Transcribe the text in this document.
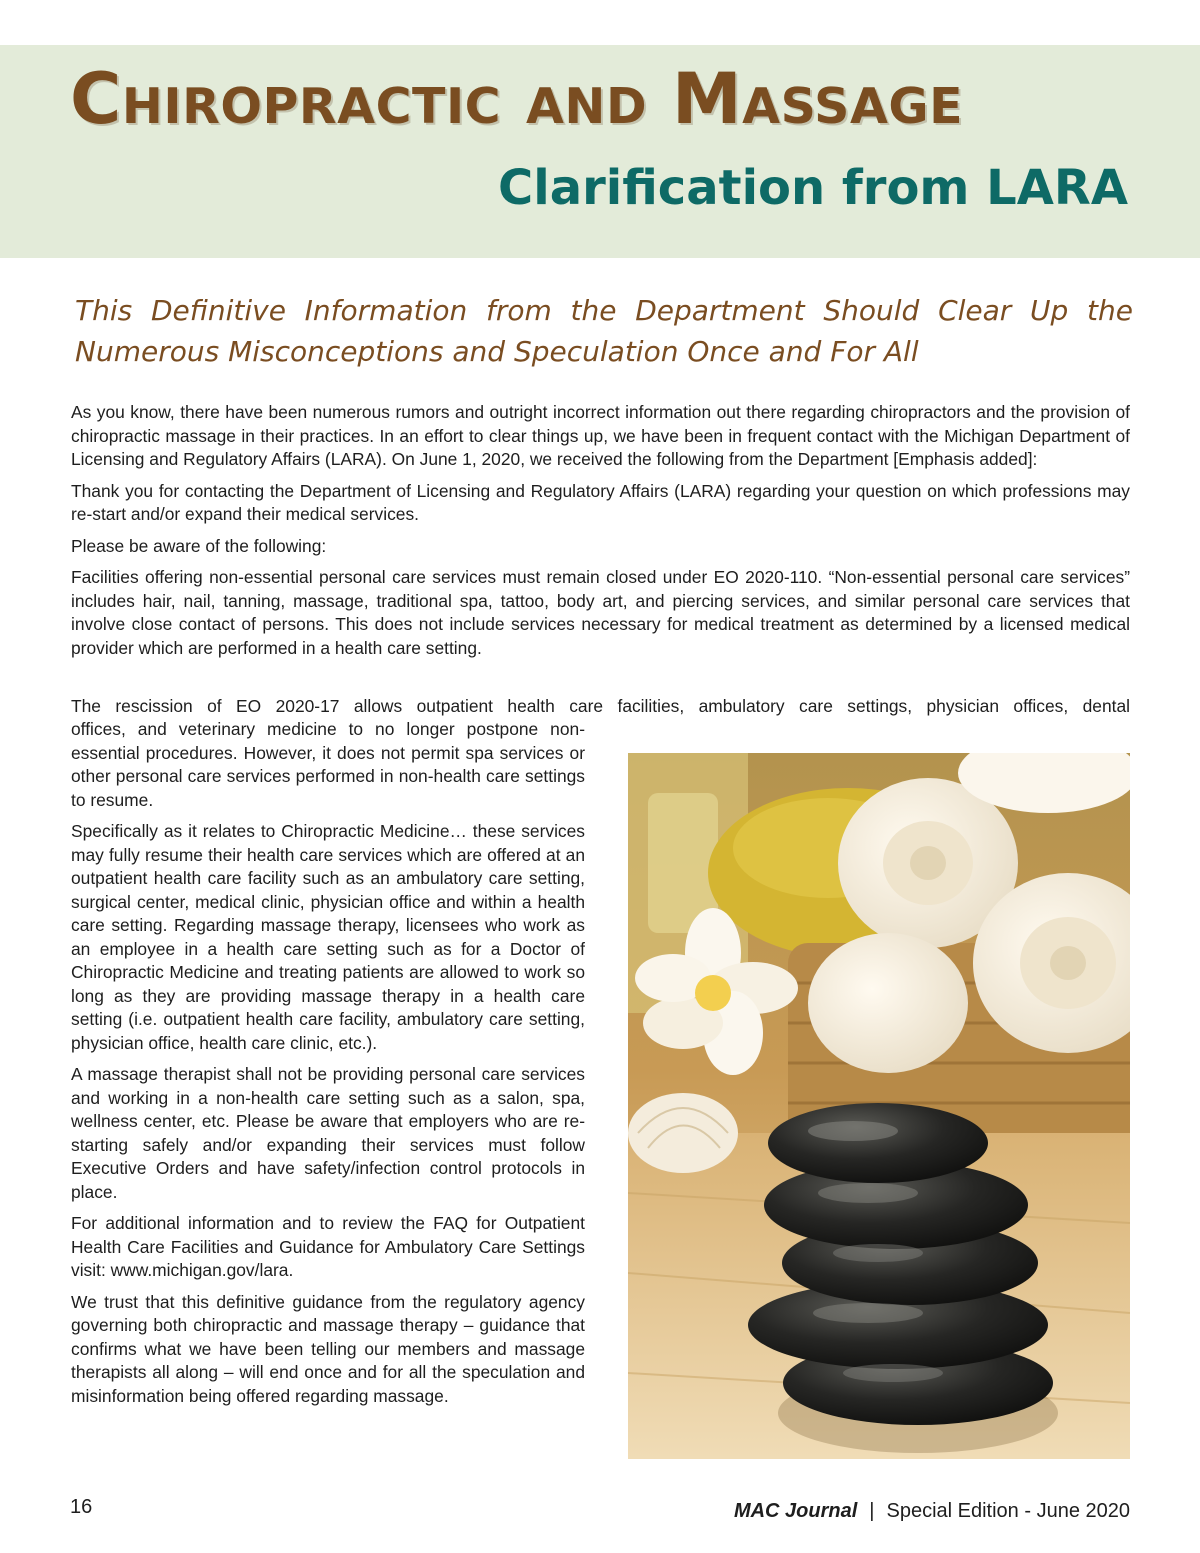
Chiropractic and Massage
Clarification from LARA
This Definitive Information from the Department Should Clear Up the Numerous Misconceptions and Speculation Once and For All

As you know, there have been numerous rumors and outright incorrect information out there regarding chiropractors and the provision of chiropractic massage in their practices. In an effort to clear things up, we have been in frequent contact with the Michigan Department of Licensing and Regulatory Affairs (LARA). On June 1, 2020, we received the following from the Department [Emphasis added]:

Thank you for contacting the Department of Licensing and Regulatory Affairs (LARA) regarding your question on which professions may re-start and/or expand their medical services.

Please be aware of the following:

Facilities offering non-essential personal care services must remain closed under EO 2020-110. “Non-essential personal care services” includes hair, nail, tanning, massage, traditional spa, tattoo, body art, and piercing services, and similar personal care services that involve close contact of persons. This does not include services necessary for medical treatment as determined by a licensed medical provider which are performed in a health care setting.

The rescission of EO 2020-17 allows outpatient health care facilities, ambulatory care settings, physician offices, dental

offices, and veterinary medicine to no longer postpone non-essential procedures. However, it does not permit spa services or other personal care services performed in non-health care settings to resume.

Specifically as it relates to Chiropractic Medicine… these services may fully resume their health care services which are offered at an outpatient health care facility such as an ambulatory care setting, surgical center, medical clinic, physician office and within a health care setting. Regarding massage therapy, licensees who work as an employee in a health care setting such as for a Doctor of Chiropractic Medicine and treating patients are allowed to work so long as they are providing massage therapy in a health care setting (i.e. outpatient health care facility, ambulatory care setting, physician office, health care clinic, etc.).

A massage therapist shall not be providing personal care services and working in a non-health care setting such as a salon, spa, wellness center, etc. Please be aware that employers who are re-starting safely and/or expanding their services must follow Executive Orders and have safety/infection control protocols in place.

For additional information and to review the FAQ for Outpatient Health Care Facilities and Guidance for Ambulatory Care Settings visit: www.michigan.gov/lara.

We trust that this definitive guidance from the regulatory agency governing both chiropractic and massage therapy – guidance that confirms what we have been telling our members and massage therapists all along – will end once and for all the speculation and misinformation being offered regarding massage.

16	MAC Journal | Special Edition - June 2020
